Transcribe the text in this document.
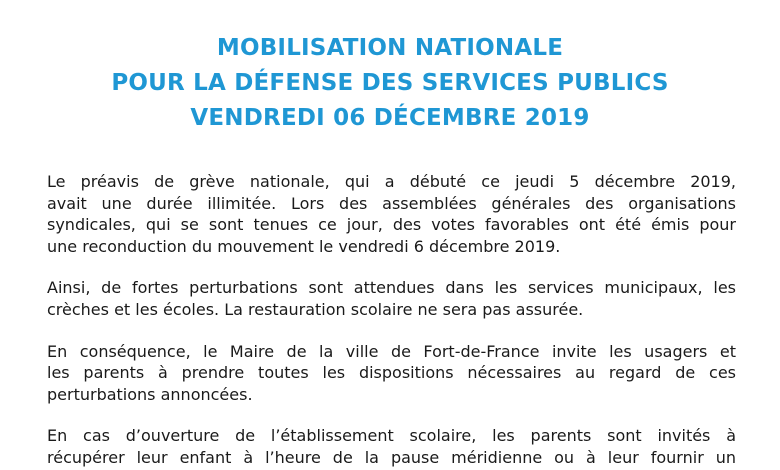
MOBILISATION NATIONALE
POUR LA DÉFENSE DES SERVICES PUBLICS
VENDREDI 06 DÉCEMBRE 2019

Le préavis de grève nationale, qui a débuté ce jeudi 5 décembre 2019,
avait une durée illimitée. Lors des assemblées générales des organisations
syndicales, qui se sont tenues ce jour, des votes favorables ont été émis pour
une reconduction du mouvement le vendredi 6 décembre 2019.

Ainsi, de fortes perturbations sont attendues dans les services municipaux, les
crèches et les écoles. La restauration scolaire ne sera pas assurée.

En conséquence, le Maire de la ville de Fort-de-France invite les usagers et
les parents à prendre toutes les dispositions nécessaires au regard de ces
perturbations annoncées.

En cas d’ouverture de l’établissement scolaire, les parents sont invités à
récupérer leur enfant à l’heure de la pause méridienne ou à leur fournir un
